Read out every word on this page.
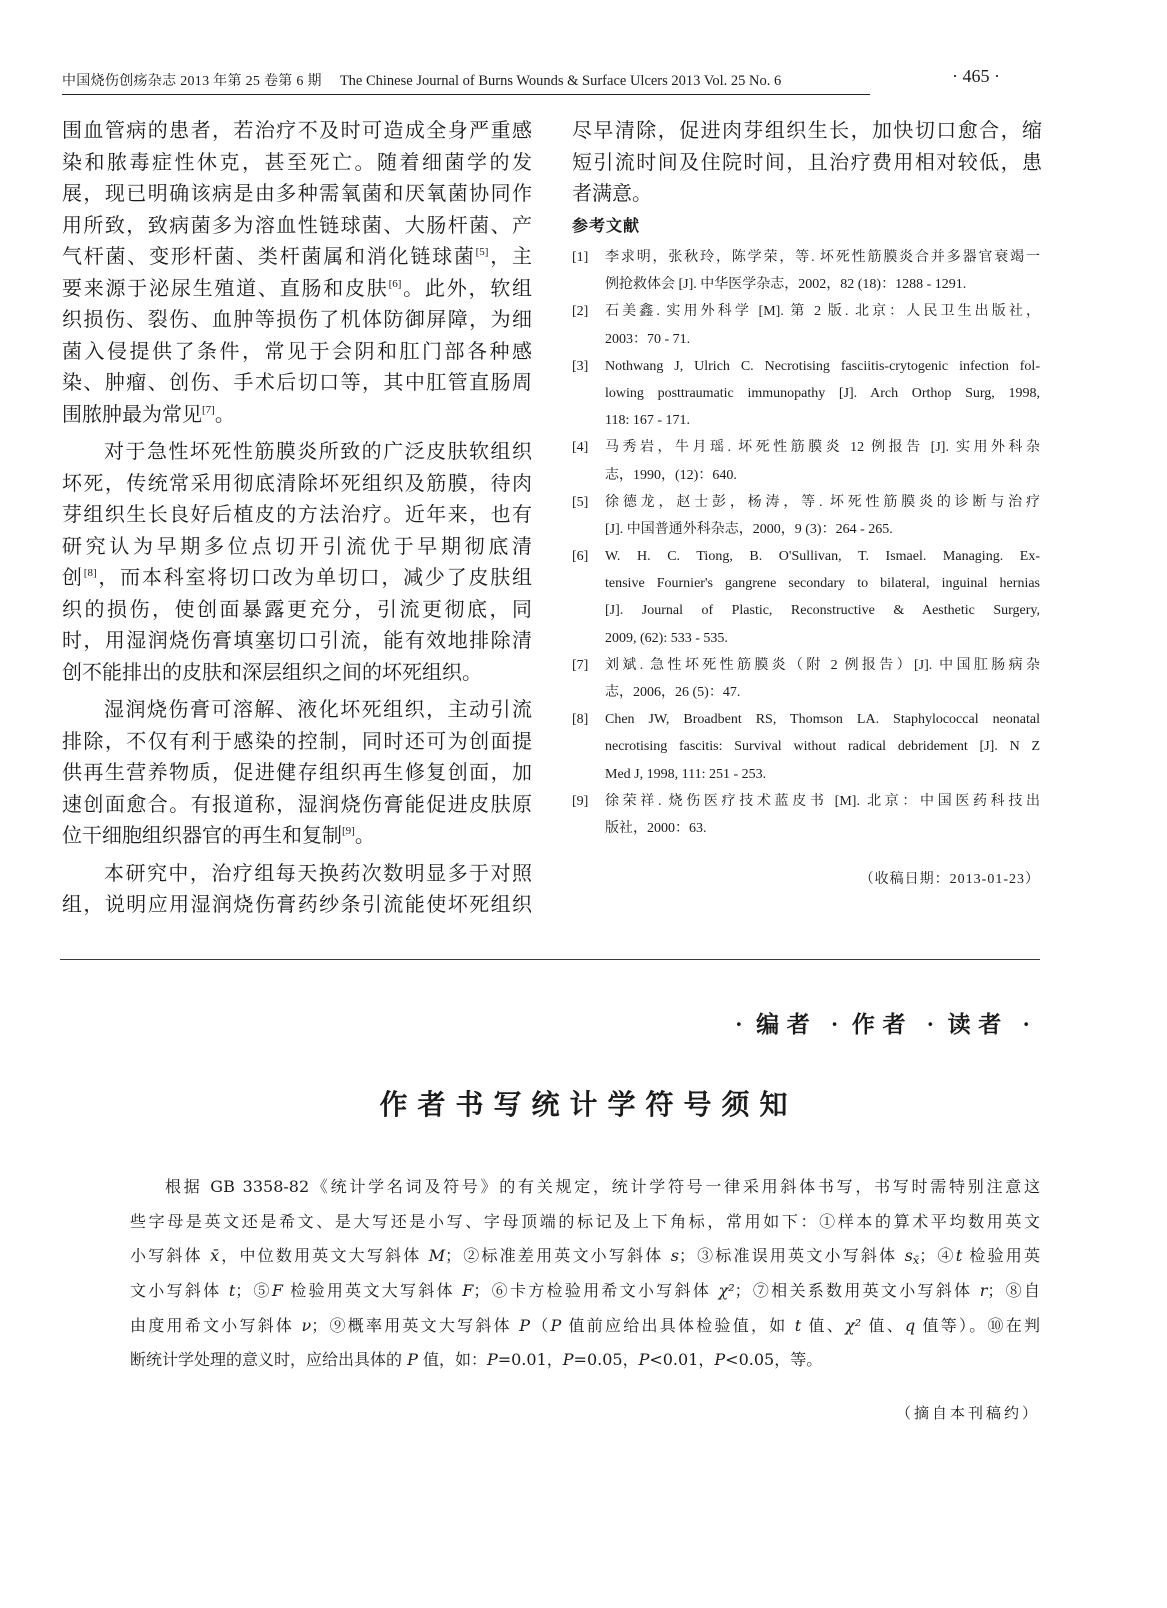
中国烧伤创疡杂志 2013 年第 25 卷第 6 期 The Chinese Journal of Burns Wounds & Surface Ulcers 2013 Vol. 25 No. 6	· 465 ·
围血管病的患者，若治疗不及时可造成全身严重感
染和脓毒症性休克，甚至死亡。随着细菌学的发
展，现已明确该病是由多种需氧菌和厌氧菌协同作
用所致，致病菌多为溶血性链球菌、大肠杆菌、产
气杆菌、变形杆菌、类杆菌属和消化链球菌[5]，主
要来源于泌尿生殖道、直肠和皮肤[6]。此外，软组
织损伤、裂伤、血肿等损伤了机体防御屏障，为细
菌入侵提供了条件，常见于会阴和肛门部各种感
染、肿瘤、创伤、手术后切口等，其中肛管直肠周
围脓肿最为常见[7]。
对于急性坏死性筋膜炎所致的广泛皮肤软组织
坏死，传统常采用彻底清除坏死组织及筋膜，待肉
芽组织生长良好后植皮的方法治疗。近年来，也有
研究认为早期多位点切开引流优于早期彻底清
创[8]，而本科室将切口改为单切口，减少了皮肤组
织的损伤，使创面暴露更充分，引流更彻底，同
时，用湿润烧伤膏填塞切口引流，能有效地排除清
创不能排出的皮肤和深层组织之间的坏死组织。
湿润烧伤膏可溶解、液化坏死组织，主动引流
排除，不仅有利于感染的控制，同时还可为创面提
供再生营养物质，促进健存组织再生修复创面，加
速创面愈合。有报道称，湿润烧伤膏能促进皮肤原
位干细胞组织器官的再生和复制[9]。
本研究中，治疗组每天换药次数明显多于对照
组，说明应用湿润烧伤膏药纱条引流能使坏死组织
尽早清除，促进肉芽组织生长，加快切口愈合，缩
短引流时间及住院时间，且治疗费用相对较低，患
者满意。
参考文献
[1]	李求明，张秋玲，陈学荣，等. 坏死性筋膜炎合并多器官衰竭一
例抢救体会 [J]. 中华医学杂志，2002，82 (18)：1288 - 1291.
[2]	石美鑫. 实用外科学 [M]. 第 2 版. 北京：人民卫生出版社，
2003：70 - 71.
[3]	Nothwang J, Ulrich C. Necrotising fasciitis-crytogenic infection fol-
lowing posttraumatic immunopathy [J]. Arch Orthop Surg, 1998,
118: 167 - 171.
[4]	马秀岩，牛月瑶. 坏死性筋膜炎 12 例报告 [J]. 实用外科杂
志，1990，(12)：640.
[5]	徐德龙，赵士彭，杨涛，等. 坏死性筋膜炎的诊断与治疗
[J]. 中国普通外科杂志，2000，9 (3)：264 - 265.
[6]	W. H. C. Tiong, B. O'Sullivan, T. Ismael. Managing. Ex-
tensive Fournier's gangrene secondary to bilateral, inguinal hernias
[J]. Journal of Plastic, Reconstructive & Aesthetic Surgery,
2009, (62): 533 - 535.
[7]	刘斌. 急性坏死性筋膜炎（附 2 例报告）[J]. 中国肛肠病杂
志，2006，26 (5)：47.
[8]	Chen JW, Broadbent RS, Thomson LA. Staphylococcal neonatal
necrotising fascitis: Survival without radical debridement [J]. N Z
Med J, 1998, 111: 251 - 253.
[9]	徐荣祥. 烧伤医疗技术蓝皮书 [M]. 北京：中国医药科技出
版社，2000：63.
（收稿日期：2013-01-23）
· 编者 · 作者 · 读者 ·
作者书写统计学符号须知
根据 GB 3358-82《统计学名词及符号》的有关规定，统计学符号一律采用斜体书写，书写时需特别注意这
些字母是英文还是希文、是大写还是小写、字母顶端的标记及上下角标，常用如下：①样本的算术平均数用英文
小写斜体 x̄，中位数用英文大写斜体 M；②标准差用英文小写斜体 s；③标准误用英文小写斜体 $s_{x̄}$；④t 检验用英
文小写斜体 t；⑤F 检验用英文大写斜体 F；⑥卡方检验用希文小写斜体 χ²；⑦相关系数用英文小写斜体 r；⑧自
由度用希文小写斜体 ν；⑨概率用英文大写斜体 P（P 值前应给出具体检验值，如 t 值、χ² 值、q 值等）。⑩在判
断统计学处理的意义时，应给出具体的 P 值，如：P=0.01，P=0.05，P<0.01，P<0.05，等。
（摘自本刊稿约）
